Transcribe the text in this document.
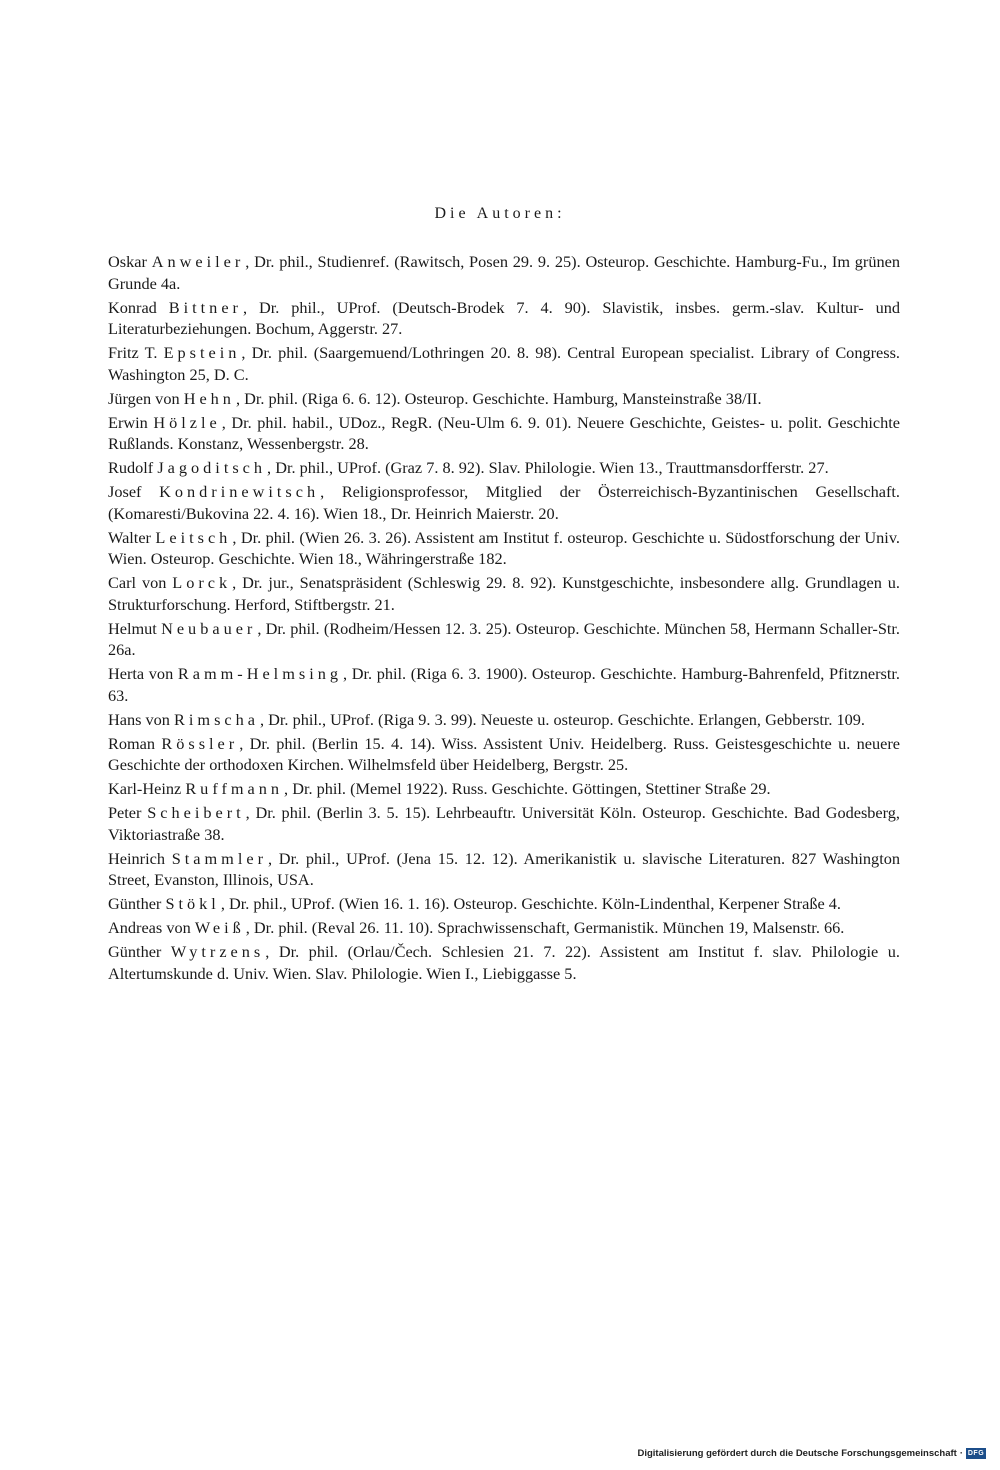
Die Autoren:

Oskar Anweiler, Dr. phil., Studienref. (Rawitsch, Posen 29. 9. 25). Osteurop. Geschichte. Hamburg-Fu., Im grünen Grunde 4a.

Konrad Bittner, Dr. phil., UProf. (Deutsch-Brodek 7. 4. 90). Slavistik, insbes. germ.-slav. Kultur- und Literaturbeziehungen. Bochum, Aggerstr. 27.

Fritz T. Epstein, Dr. phil. (Saargemuend/Lothringen 20. 8. 98). Central European specialist. Library of Congress. Washington 25, D. C.

Jürgen von Hehn, Dr. phil. (Riga 6. 6. 12). Osteurop. Geschichte. Hamburg, Mansteinstraße 38/II.

Erwin Hölzle, Dr. phil. habil., UDoz., RegR. (Neu-Ulm 6. 9. 01). Neuere Geschichte, Geistes- u. polit. Geschichte Rußlands. Konstanz, Wessenbergstr. 28.

Rudolf Jagoditsch, Dr. phil., UProf. (Graz 7. 8. 92). Slav. Philologie. Wien 13., Trauttmansdorfferstr. 27.

Josef Kondrinewitsch, Religionsprofessor, Mitglied der Österreichisch-Byzantinischen Gesellschaft. (Komaresti/Bukovina 22. 4. 16). Wien 18., Dr. Heinrich Maierstr. 20.

Walter Leitsch, Dr. phil. (Wien 26. 3. 26). Assistent am Institut f. osteurop. Geschichte u. Südostforschung der Univ. Wien. Osteurop. Geschichte. Wien 18., Währingerstraße 182.

Carl von Lorck, Dr. jur., Senatspräsident (Schleswig 29. 8. 92). Kunstgeschichte, insbesondere allg. Grundlagen u. Strukturforschung. Herford, Stiftbergstr. 21.

Helmut Neubauer, Dr. phil. (Rodheim/Hessen 12. 3. 25). Osteurop. Geschichte. München 58, Hermann Schaller-Str. 26a.

Herta von Ramm-Helmsing, Dr. phil. (Riga 6. 3. 1900). Osteurop. Geschichte. Hamburg-Bahrenfeld, Pfitznerstr. 63.

Hans von Rimscha, Dr. phil., UProf. (Riga 9. 3. 99). Neueste u. osteurop. Geschichte. Erlangen, Gebberstr. 109.

Roman Rössler, Dr. phil. (Berlin 15. 4. 14). Wiss. Assistent Univ. Heidelberg. Russ. Geistesgeschichte u. neuere Geschichte der orthodoxen Kirchen. Wilhelmsfeld über Heidelberg, Bergstr. 25.

Karl-Heinz Ruffmann, Dr. phil. (Memel 1922). Russ. Geschichte. Göttingen, Stettiner Straße 29.

Peter Scheibert, Dr. phil. (Berlin 3. 5. 15). Lehrbeauftr. Universität Köln. Osteurop. Geschichte. Bad Godesberg, Viktoriastraße 38.

Heinrich Stammler, Dr. phil., UProf. (Jena 15. 12. 12). Amerikanistik u. slavische Literaturen. 827 Washington Street, Evanston, Illinois, USA.

Günther Stökl, Dr. phil., UProf. (Wien 16. 1. 16). Osteurop. Geschichte. Köln-Lindenthal, Kerpener Straße 4.

Andreas von Weiß, Dr. phil. (Reval 26. 11. 10). Sprachwissenschaft, Germanistik. München 19, Malsenstr. 66.

Günther Wytrzens, Dr. phil. (Orlau/Čech. Schlesien 21. 7. 22). Assistent am Institut f. slav. Philologie u. Altertumskunde d. Univ. Wien. Slav. Philologie. Wien I., Liebiggasse 5.

Digitalisierung gefördert durch die Deutsche Forschungsgemeinschaft · DFG
